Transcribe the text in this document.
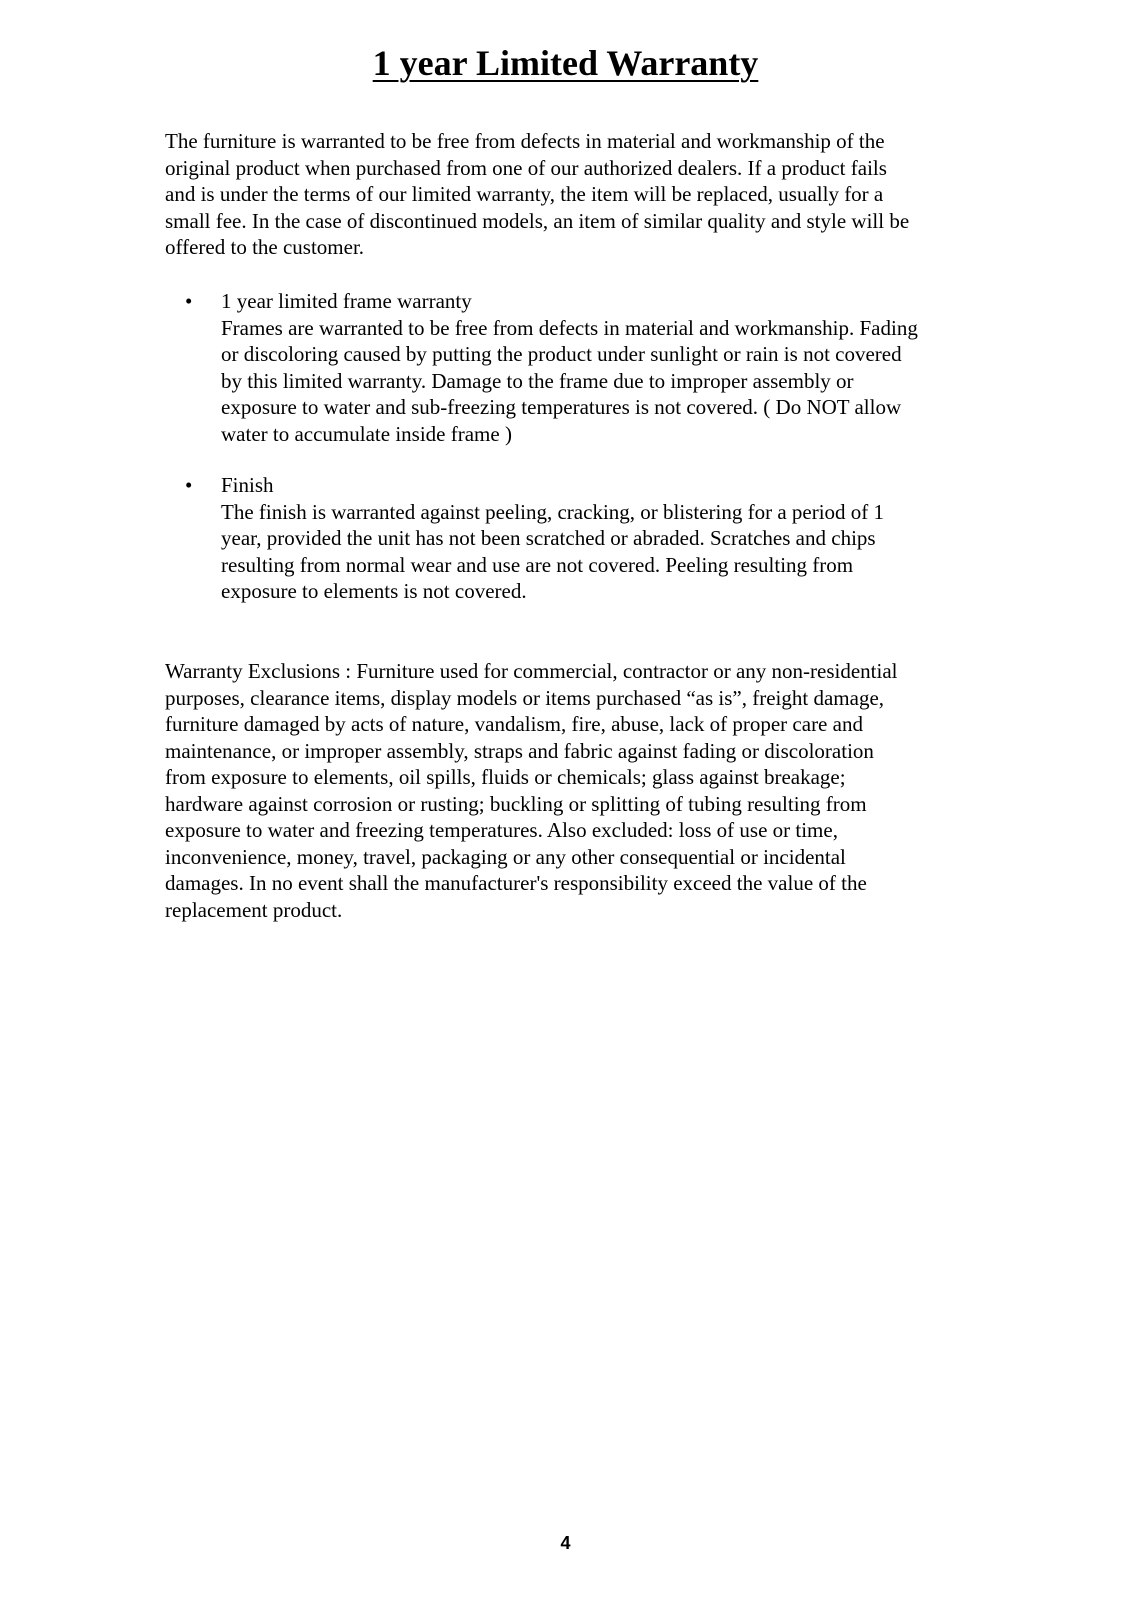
1 year Limited Warranty

The furniture is warranted to be free from defects in material and workmanship of the
original product when purchased from one of our authorized dealers. If a product fails
and is under the terms of our limited warranty, the item will be replaced, usually for a
small fee. In the case of discontinued models, an item of similar quality and style will be
offered to the customer.

• 1 year limited frame warranty
Frames are warranted to be free from defects in material and workmanship. Fading
or discoloring caused by putting the product under sunlight or rain is not covered
by this limited warranty. Damage to the frame due to improper assembly or
exposure to water and sub-freezing temperatures is not covered. ( Do NOT allow
water to accumulate inside frame )
• Finish
The finish is warranted against peeling, cracking, or blistering for a period of 1
year, provided the unit has not been scratched or abraded. Scratches and chips
resulting from normal wear and use are not covered. Peeling resulting from
exposure to elements is not covered.

Warranty Exclusions : Furniture used for commercial, contractor or any non-residential
purposes, clearance items, display models or items purchased “as is”, freight damage,
furniture damaged by acts of nature, vandalism, fire, abuse, lack of proper care and
maintenance, or improper assembly, straps and fabric against fading or discoloration
from exposure to elements, oil spills, fluids or chemicals; glass against breakage;
hardware against corrosion or rusting; buckling or splitting of tubing resulting from
exposure to water and freezing temperatures. Also excluded: loss of use or time,
inconvenience, money, travel, packaging or any other consequential or incidental
damages. In no event shall the manufacturer's responsibility exceed the value of the
replacement product.

4
